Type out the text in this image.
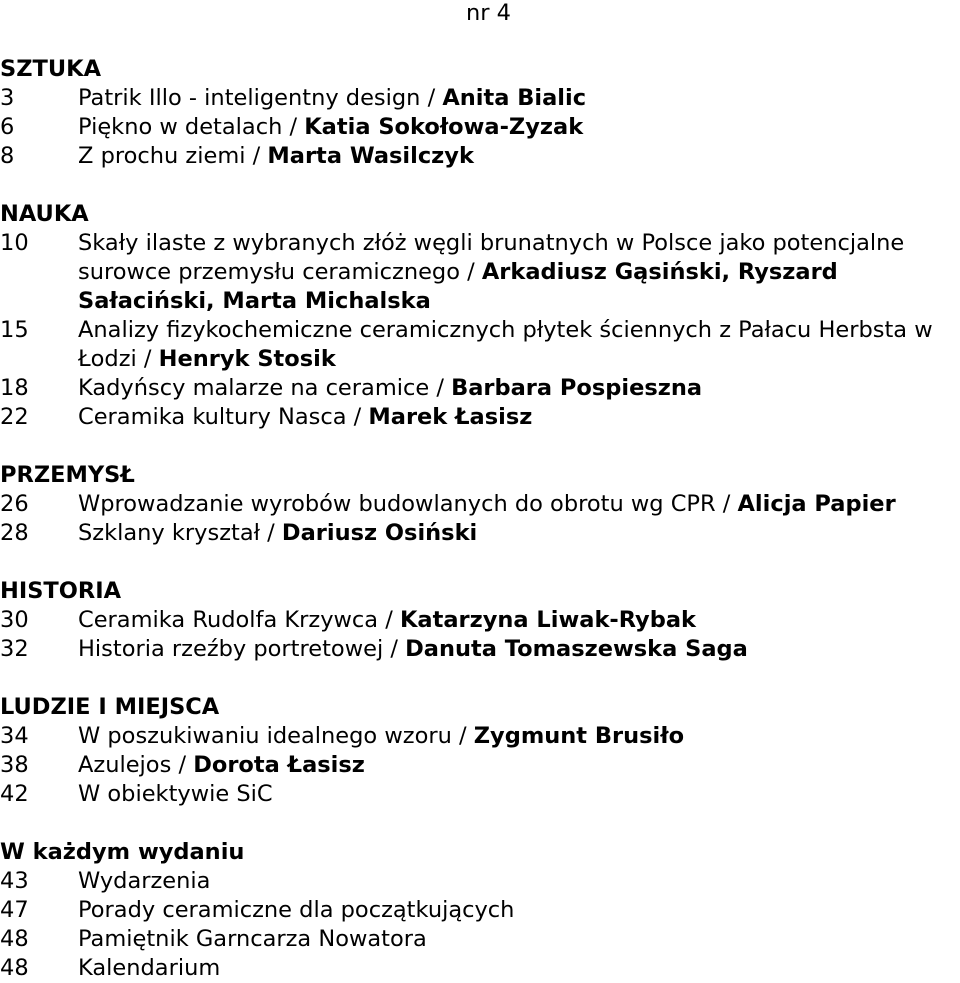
nr 4
SZTUKA
3	Patrik Illo - inteligentny design / Anita Bialic
6	Piękno w detalach / Katia Sokołowa-Zyzak
8	Z prochu ziemi / Marta Wasilczyk
NAUKA
10	Skały ilaste z wybranych złóż węgli brunatnych w Polsce jako potencjalne surowce przemysłu ceramicznego / Arkadiusz Gąsiński, Ryszard Sałaciński, Marta Michalska
15	Analizy fizykochemiczne ceramicznych płytek ściennych z Pałacu Herbsta w Łodzi / Henryk Stosik
18	Kadyńscy malarze na ceramice / Barbara Pospieszna
22	Ceramika kultury Nasca / Marek Łasisz
PRZEMYSŁ
26	Wprowadzanie wyrobów budowlanych do obrotu wg CPR / Alicja Papier
28	Szklany kryształ / Dariusz Osiński
HISTORIA
30	Ceramika Rudolfa Krzywca / Katarzyna Liwak-Rybak
32	Historia rzeźby portretowej / Danuta Tomaszewska Saga
LUDZIE I MIEJSCA
34	W poszukiwaniu idealnego wzoru / Zygmunt Brusiło
38	Azulejos / Dorota Łasisz
42	W obiektywie SiC
W każdym wydaniu
43	Wydarzenia
47	Porady ceramiczne dla początkujących
48	Pamiętnik Garncarza Nowatora
48	Kalendarium
